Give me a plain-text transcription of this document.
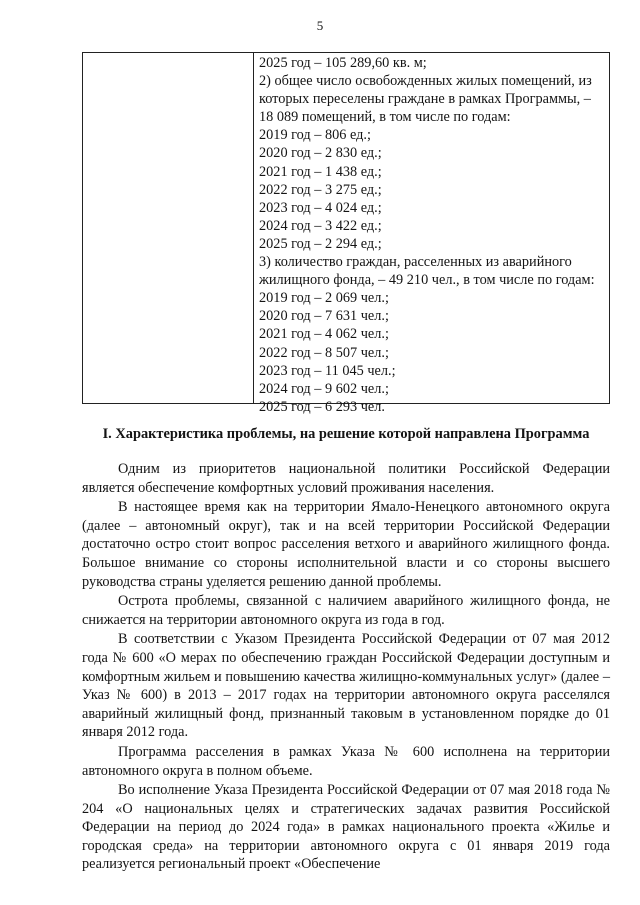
5
2025 год – 105 289,60 кв. м;
2) общее число освобожденных жилых помещений, из которых переселены граждане в рамках Программы, – 18 089 помещений, в том числе по годам:
2019 год – 806 ед.;
2020 год – 2 830 ед.;
2021 год – 1 438 ед.;
2022 год – 3 275 ед.;
2023 год – 4 024 ед.;
2024 год – 3 422 ед.;
2025 год – 2 294 ед.;
3) количество граждан, расселенных из аварийного жилищного фонда, – 49 210 чел., в том числе по годам:
2019 год – 2 069 чел.;
2020 год – 7 631 чел.;
2021 год – 4 062 чел.;
2022 год – 8 507 чел.;
2023 год – 11 045 чел.;
2024 год – 9 602 чел.;
2025 год – 6 293 чел.
I. Характеристика проблемы, на решение которой направлена Программа

Одним из приоритетов национальной политики Российской Федерации является обеспечение комфортных условий проживания населения.

В настоящее время как на территории Ямало-Ненецкого автономного округа (далее – автономный округ), так и на всей территории Российской Федерации достаточно остро стоит вопрос расселения ветхого и аварийного жилищного фонда. Большое внимание со стороны исполнительной власти и со стороны высшего руководства страны уделяется решению данной проблемы.

Острота проблемы, связанной с наличием аварийного жилищного фонда, не снижается на территории автономного округа из года в год.

В соответствии с Указом Президента Российской Федерации от 07 мая 2012 года № 600 «О мерах по обеспечению граждан Российской Федерации доступным и комфортным жильем и повышению качества жилищно-коммунальных услуг» (далее – Указ № 600) в 2013 – 2017 годах на территории автономного округа расселялся аварийный жилищный фонд, признанный таковым в установленном порядке до 01 января 2012 года.

Программа расселения в рамках Указа № 600 исполнена на территории автономного округа в полном объеме.

Во исполнение Указа Президента Российской Федерации от 07 мая 2018 года № 204 «О национальных целях и стратегических задачах развития Российской Федерации на период до 2024 года» в рамках национального проекта «Жилье и городская среда» на территории автономного округа с 01 января 2019 года реализуется региональный проект «Обеспечение
